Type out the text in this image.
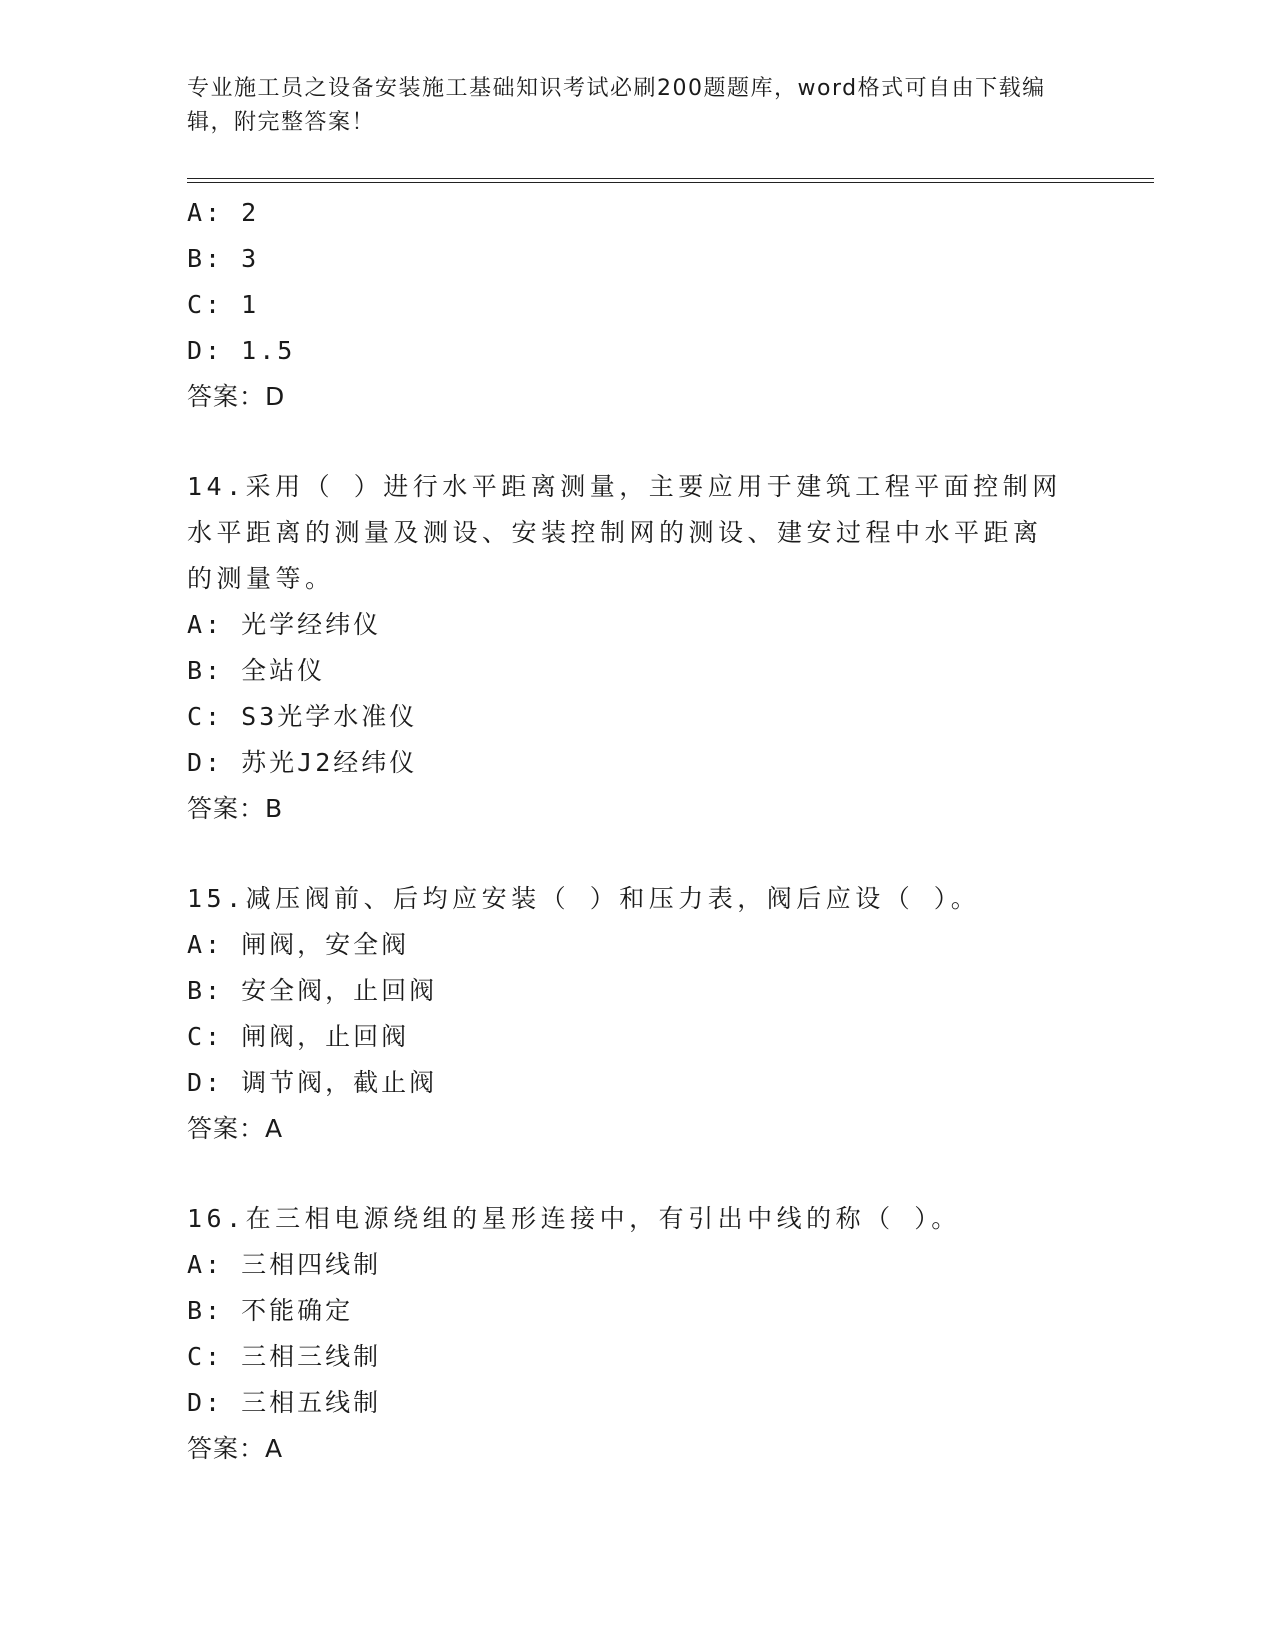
专业施工员之设备安装施工基础知识考试必刷200题题库，word格式可自由下载编辑，附完整答案！
A: 2
B: 3
C: 1
D: 1.5
答案：D
14.采用（ ）进行水平距离测量，主要应用于建筑工程平面控制网水平距离的测量及测设、安装控制网的测设、建安过程中水平距离的测量等。
A: 光学经纬仪
B: 全站仪
C: S3光学水准仪
D: 苏光J2经纬仪
答案：B
15.减压阀前、后均应安装（ ）和压力表，阀后应设（ ）。
A: 闸阀，安全阀
B: 安全阀，止回阀
C: 闸阀，止回阀
D: 调节阀，截止阀
答案：A
16.在三相电源绕组的星形连接中，有引出中线的称（ ）。
A: 三相四线制
B: 不能确定
C: 三相三线制
D: 三相五线制
答案：A
